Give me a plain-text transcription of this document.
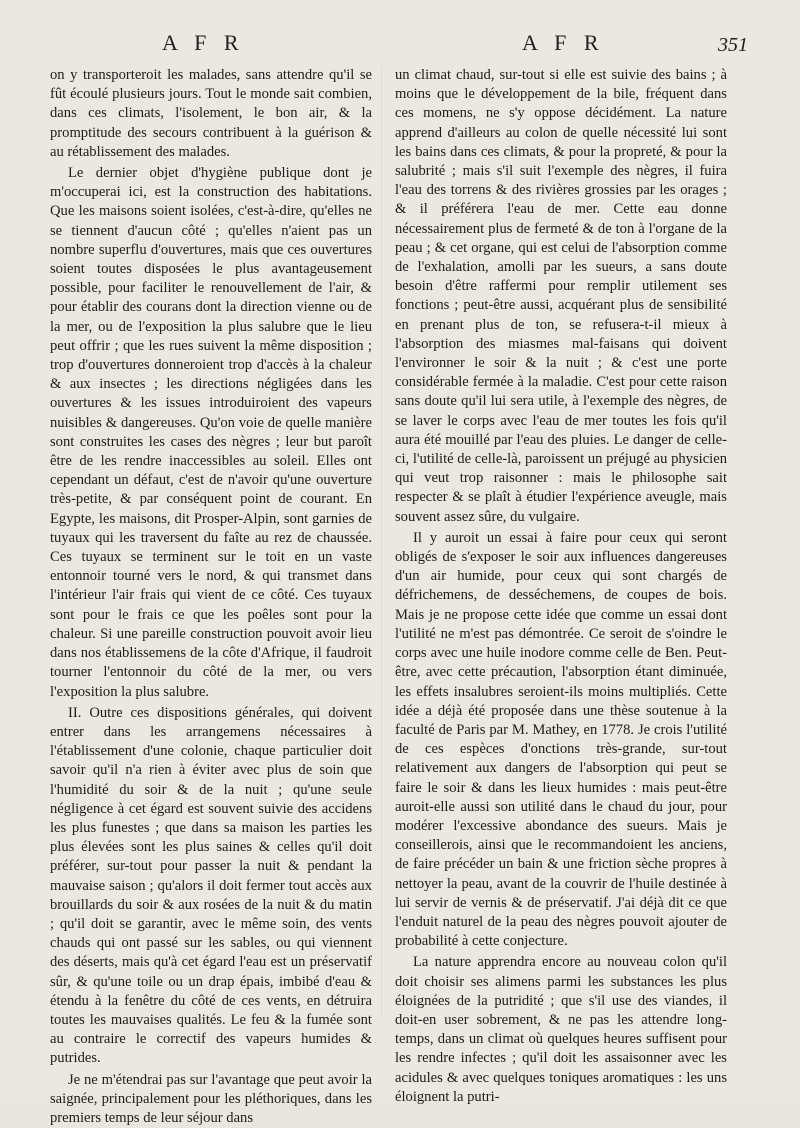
A F R	A F R	351

on y transporteroit les malades, sans attendre qu'il se fût écoulé plusieurs jours. Tout le monde sait combien, dans ces climats, l'isolement, le bon air, & la promptitude des secours contribuent à la guérison & au rétablissement des malades.

Le dernier objet d'hygiène publique dont je m'occuperai ici, est la construction des habitations. Que les maisons soient isolées, c'est-à-dire, qu'elles ne se tiennent d'aucun côté ; qu'elles n'aient pas un nombre superflu d'ouvertures, mais que ces ouvertures soient toutes disposées le plus avantageusement possible, pour faciliter le renouvellement de l'air, & pour établir des courans dont la direction vienne ou de la mer, ou de l'exposition la plus salubre que le lieu peut offrir ; que les rues suivent la même disposition ; trop d'ouvertures donneroient trop d'accès à la chaleur & aux insectes ; les directions négligées dans les ouvertures & les issues introduiroient des vapeurs nuisibles & dangereuses. Qu'on voie de quelle manière sont construites les cases des nègres ; leur but paroît être de les rendre inaccessibles au soleil. Elles ont cependant un défaut, c'est de n'avoir qu'une ouverture très-petite, & par conséquent point de courant. En Egypte, les maisons, dit Prosper-Alpin, sont garnies de tuyaux qui les traversent du faîte au rez de chaussée. Ces tuyaux se terminent sur le toit en un vaste entonnoir tourné vers le nord, & qui transmet dans l'intérieur l'air frais qui vient de ce côté. Ces tuyaux sont pour le frais ce que les poêles sont pour la chaleur. Si une pareille construction pouvoit avoir lieu dans nos établissemens de la côte d'Afrique, il faudroit tourner l'entonnoir du côté de la mer, ou vers l'exposition la plus salubre.

II. Outre ces dispositions générales, qui doivent entrer dans les arrangemens nécessaires à l'établissement d'une colonie, chaque particulier doit savoir qu'il n'a rien à éviter avec plus de soin que l'humidité du soir & de la nuit ; qu'une seule négligence à cet égard est souvent suivie des accidens les plus funestes ; que dans sa maison les parties les plus élevées sont les plus saines & celles qu'il doit préférer, sur-tout pour passer la nuit & pendant la mauvaise saison ; qu'alors il doit fermer tout accès aux brouillards du soir & aux rosées de la nuit & du matin ; qu'il doit se garantir, avec le même soin, des vents chauds qui ont passé sur les sables, ou qui viennent des déserts, mais qu'à cet égard l'eau est un préservatif sûr, & qu'une toile ou un drap épais, imbibé d'eau & étendu à la fenêtre du côté de ces vents, en détruira toutes les mauvaises qualités. Le feu & la fumée sont au contraire le correctif des vapeurs humides & putrides.

Je ne m'étendrai pas sur l'avantage que peut avoir la saignée, principalement pour les pléthoriques, dans les premiers temps de leur séjour dans

un climat chaud, sur-tout si elle est suivie des bains ; à moins que le développement de la bile, fréquent dans ces momens, ne s'y oppose décidément. La nature apprend d'ailleurs au colon de quelle nécessité lui sont les bains dans ces climats, & pour la propreté, & pour la salubrité ; mais s'il suit l'exemple des nègres, il fuira l'eau des torrens & des rivières grossies par les orages ; & il préférera l'eau de mer. Cette eau donne nécessairement plus de fermeté & de ton à l'organe de la peau ; & cet organe, qui est celui de l'absorption comme de l'exhalation, amolli par les sueurs, a sans doute besoin d'être raffermi pour remplir utilement ses fonctions ; peut-être aussi, acquérant plus de sensibilité en prenant plus de ton, se refusera-t-il mieux à l'absorption des miasmes mal-faisans qui doivent l'environner le soir & la nuit ; & c'est une porte considérable fermée à la maladie. C'est pour cette raison sans doute qu'il lui sera utile, à l'exemple des nègres, de se laver le corps avec l'eau de mer toutes les fois qu'il aura été mouillé par l'eau des pluies. Le danger de celle-ci, l'utilité de celle-là, paroissent un préjugé au physicien qui veut trop raisonner : mais le philosophe sait respecter & se plaît à étudier l'expérience aveugle, mais souvent assez sûre, du vulgaire.

Il y auroit un essai à faire pour ceux qui seront obligés de s'exposer le soir aux influences dangereuses d'un air humide, pour ceux qui sont chargés de défrichemens, de desséchemens, de coupes de bois. Mais je ne propose cette idée que comme un essai dont l'utilité ne m'est pas démontrée. Ce seroit de s'oindre le corps avec une huile inodore comme celle de Ben. Peut-être, avec cette précaution, l'absorption étant diminuée, les effets insalubres seroient-ils moins multipliés. Cette idée a déjà été proposée dans une thèse soutenue à la faculté de Paris par M. Mathey, en 1778. Je crois l'utilité de ces espèces d'onctions très-grande, sur-tout relativement aux dangers de l'absorption qui peut se faire le soir & dans les lieux humides : mais peut-être auroit-elle aussi son utilité dans le chaud du jour, pour modérer l'excessive abondance des sueurs. Mais je conseillerois, ainsi que le recommandoient les anciens, de faire précéder un bain & une friction sèche propres à nettoyer la peau, avant de la couvrir de l'huile destinée à lui servir de vernis & de préservatif. J'ai déjà dit ce que l'enduit naturel de la peau des nègres pouvoit ajouter de probabilité à cette conjecture.

La nature apprendra encore au nouveau colon qu'il doit choisir ses alimens parmi les substances les plus éloignées de la putridité ; que s'il use des viandes, il doit-en user sobrement, & ne pas les attendre long-temps, dans un climat où quelques heures suffisent pour les rendre infectes ; qu'il doit les assaisonner avec les acidules & avec quelques toniques aromatiques : les uns éloignent la putri-
